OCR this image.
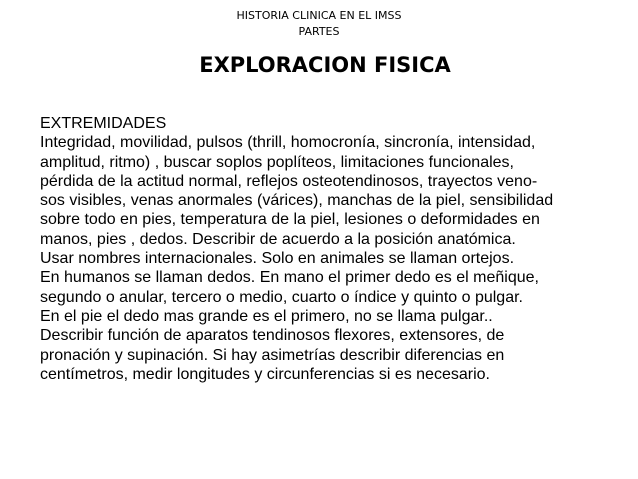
HISTORIA CLINICA EN EL IMSS
PARTES
EXPLORACION FISICA
EXTREMIDADES
Integridad, movilidad, pulsos (thrill, homocronía, sincronía, intensidad,
amplitud, ritmo) , buscar soplos poplíteos, limitaciones funcionales,
pérdida de la actitud normal, reflejos osteotendinosos, trayectos veno-
sos visibles, venas anormales (várices), manchas de la piel, sensibilidad
sobre todo en pies, temperatura de la piel, lesiones o deformidades en
manos, pies , dedos. Describir de acuerdo a la posición anatómica.
Usar nombres internacionales. Solo en animales se llaman ortejos.
En humanos se llaman dedos. En mano el primer dedo es el meñique,
segundo o anular, tercero o medio, cuarto o índice y quinto o pulgar.
En el pie el dedo mas grande es el primero, no se llama pulgar..
Describir función de aparatos tendinosos flexores, extensores, de
pronación y supinación. Si hay asimetrías describir diferencias en
centímetros, medir longitudes y circunferencias si es necesario.
